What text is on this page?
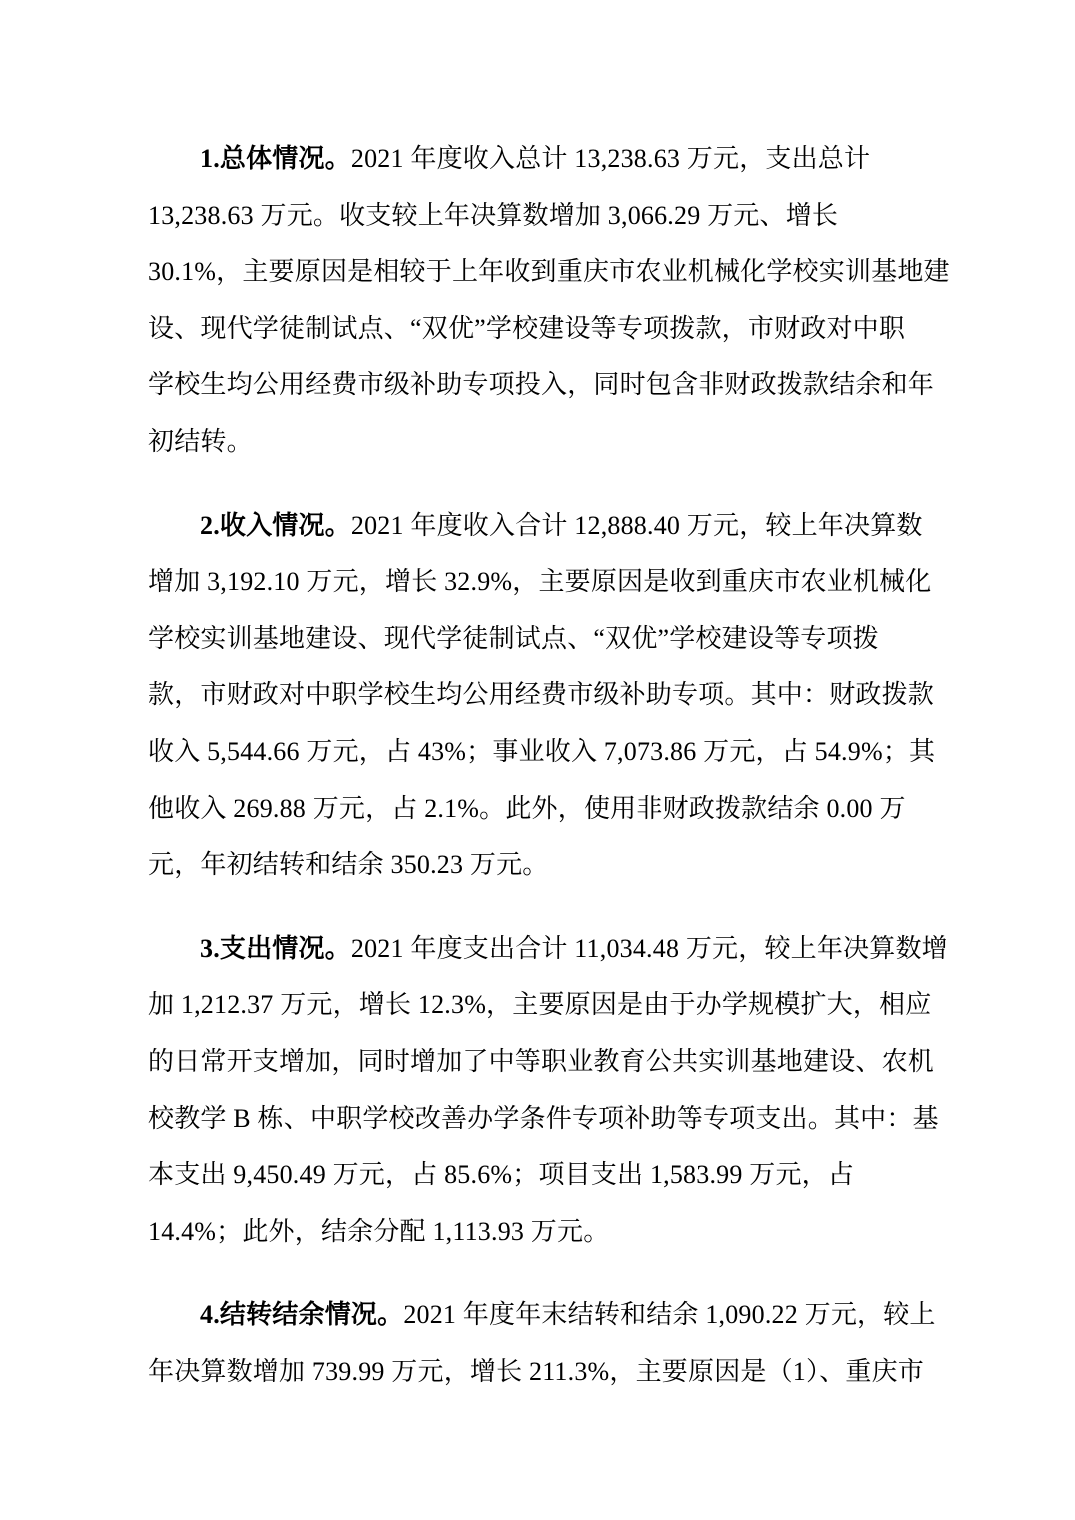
1.总体情况。2021 年度收入总计 13,238.63 万元，支出总计
13,238.63 万元。收支较上年决算数增加 3,066.29 万元、增长
30.1%，主要原因是相较于上年收到重庆市农业机械化学校实训基地建
设、现代学徒制试点、“双优”学校建设等专项拨款，市财政对中职
学校生均公用经费市级补助专项投入，同时包含非财政拨款结余和年
初结转。
2.收入情况。2021 年度收入合计 12,888.40 万元，较上年决算数
增加 3,192.10 万元，增长 32.9%，主要原因是收到重庆市农业机械化
学校实训基地建设、现代学徒制试点、“双优”学校建设等专项拨
款，市财政对中职学校生均公用经费市级补助专项。其中：财政拨款
收入 5,544.66 万元，占 43%；事业收入 7,073.86 万元，占 54.9%；其
他收入 269.88 万元，占 2.1%。此外，使用非财政拨款结余 0.00 万
元，年初结转和结余 350.23 万元。
3.支出情况。2021 年度支出合计 11,034.48 万元，较上年决算数增
加 1,212.37 万元，增长 12.3%，主要原因是由于办学规模扩大，相应
的日常开支增加，同时增加了中等职业教育公共实训基地建设、农机
校教学 B 栋、中职学校改善办学条件专项补助等专项支出。其中：基
本支出 9,450.49 万元，占 85.6%；项目支出 1,583.99 万元，占
14.4%；此外，结余分配 1,113.93 万元。
4.结转结余情况。2021 年度年末结转和结余 1,090.22 万元，较上
年决算数增加 739.99 万元，增长 211.3%，主要原因是（1）、重庆市
